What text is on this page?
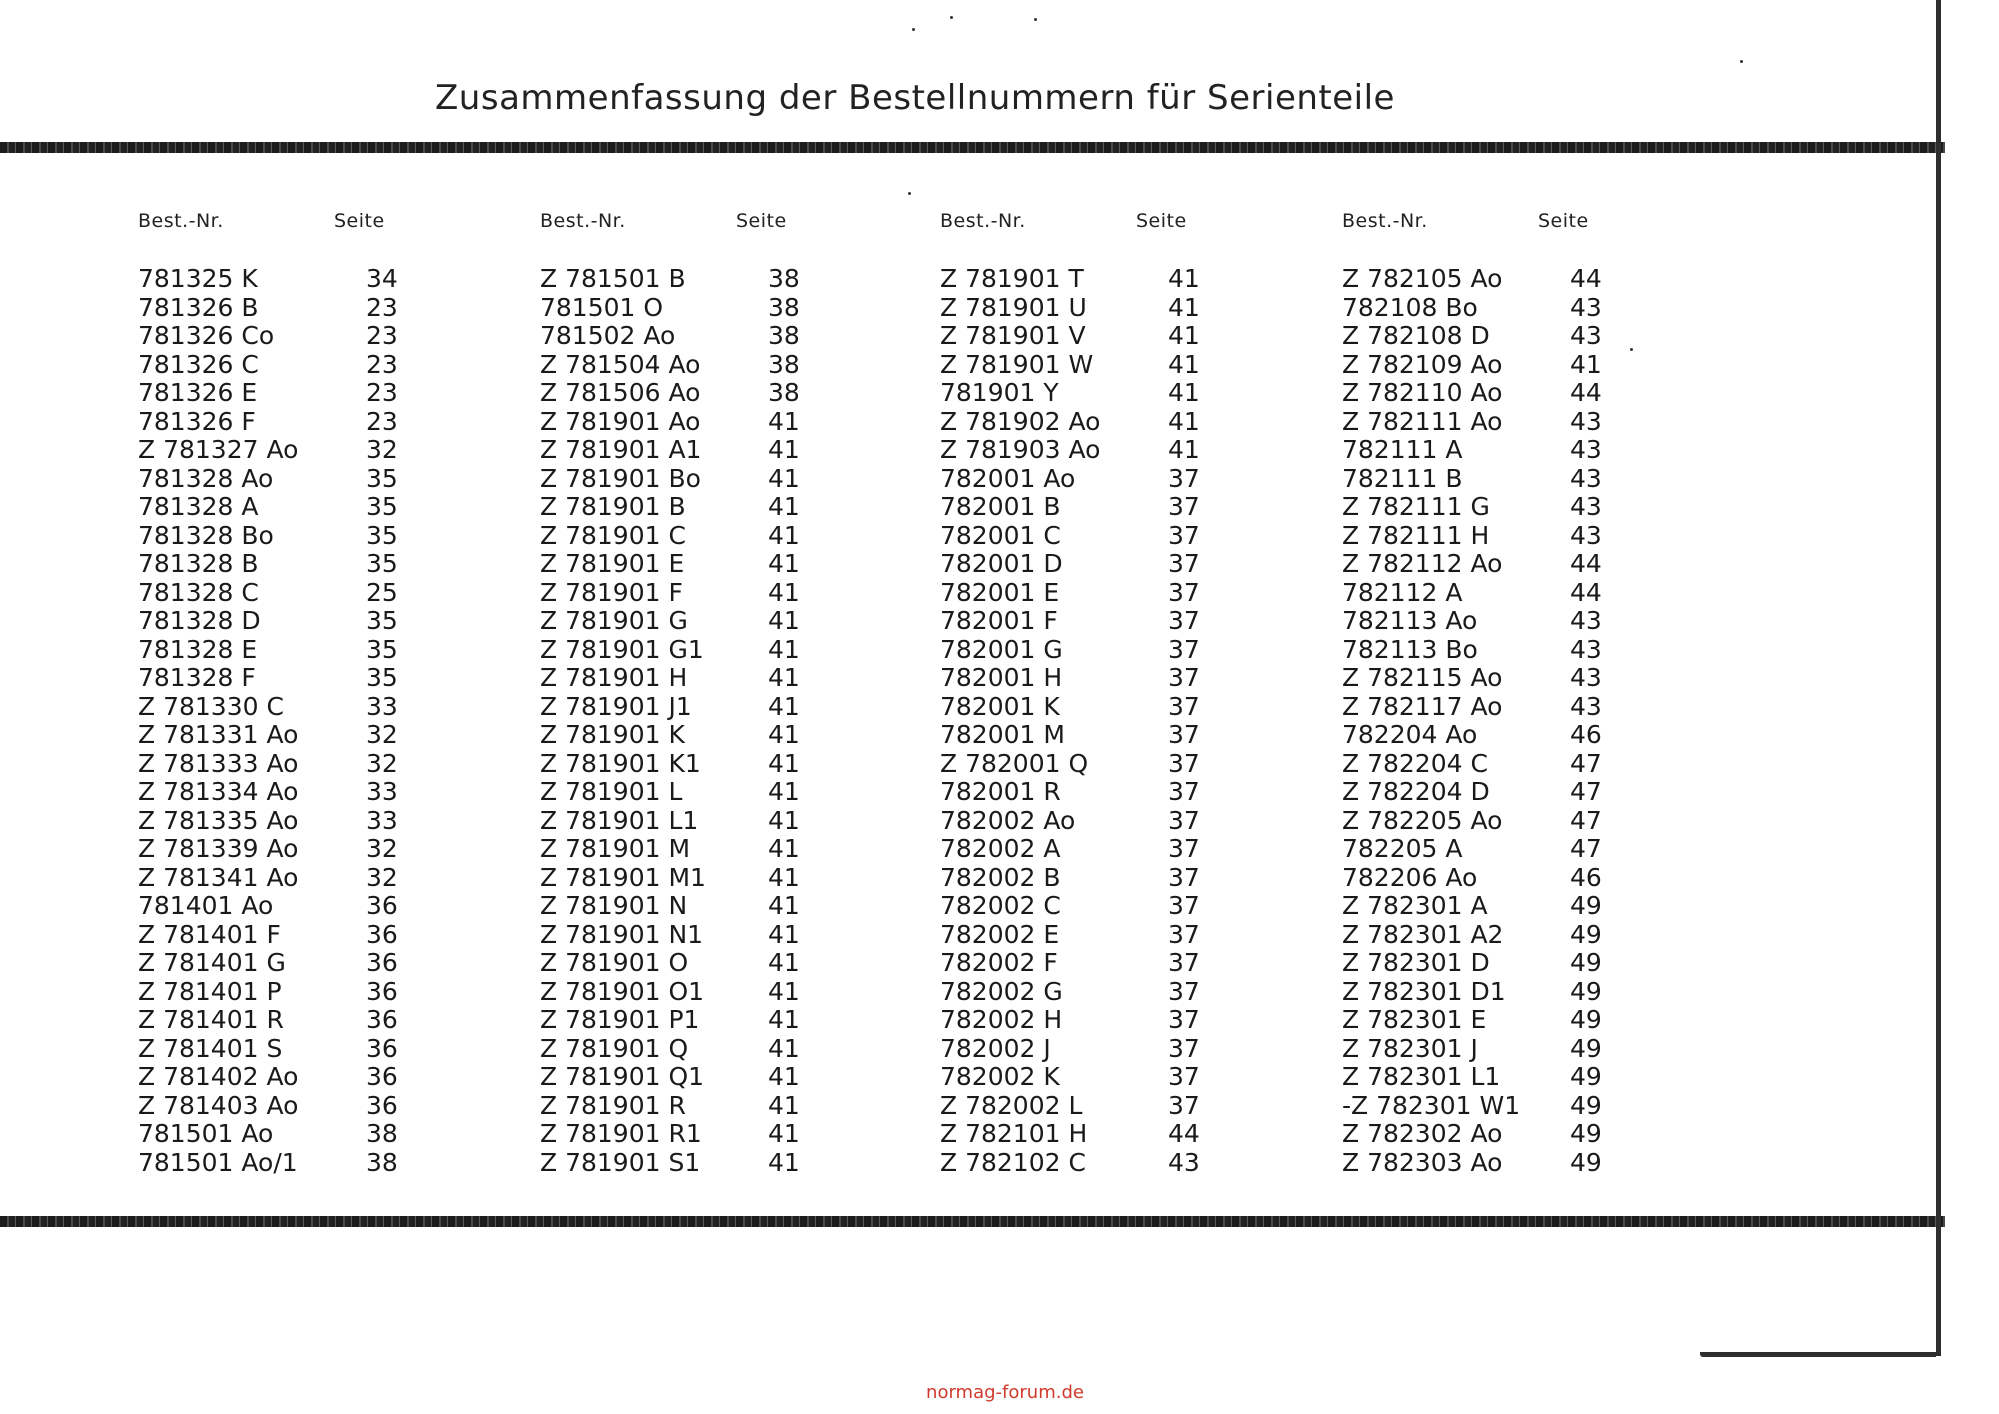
Zusammenfassung der Bestellnummern für Serienteile
Best.-Nr.	Seite
781325 K	34
781326 B	23
781326 Co	23
781326 C	23
781326 E	23
781326 F	23
Z 781327 Ao	32
781328 Ao	35
781328 A	35
781328 Bo	35
781328 B	35
781328 C	25
781328 D	35
781328 E	35
781328 F	35
Z 781330 C	33
Z 781331 Ao	32
Z 781333 Ao	32
Z 781334 Ao	33
Z 781335 Ao	33
Z 781339 Ao	32
Z 781341 Ao	32
781401 Ao	36
Z 781401 F	36
Z 781401 G	36
Z 781401 P	36
Z 781401 R	36
Z 781401 S	36
Z 781402 Ao	36
Z 781403 Ao	36
781501 Ao	38
781501 Ao/1	38
Best.-Nr.	Seite
Z 781501 B	38
781501 O	38
781502 Ao	38
Z 781504 Ao	38
Z 781506 Ao	38
Z 781901 Ao	41
Z 781901 A1	41
Z 781901 Bo	41
Z 781901 B	41
Z 781901 C	41
Z 781901 E	41
Z 781901 F	41
Z 781901 G	41
Z 781901 G1	41
Z 781901 H	41
Z 781901 J1	41
Z 781901 K	41
Z 781901 K1	41
Z 781901 L	41
Z 781901 L1	41
Z 781901 M	41
Z 781901 M1	41
Z 781901 N	41
Z 781901 N1	41
Z 781901 O	41
Z 781901 O1	41
Z 781901 P1	41
Z 781901 Q	41
Z 781901 Q1	41
Z 781901 R	41
Z 781901 R1	41
Z 781901 S1	41
Best.-Nr.	Seite
Z 781901 T	41
Z 781901 U	41
Z 781901 V	41
Z 781901 W	41
781901 Y	41
Z 781902 Ao	41
Z 781903 Ao	41
782001 Ao	37
782001 B	37
782001 C	37
782001 D	37
782001 E	37
782001 F	37
782001 G	37
782001 H	37
782001 K	37
782001 M	37
Z 782001 Q	37
782001 R	37
782002 Ao	37
782002 A	37
782002 B	37
782002 C	37
782002 E	37
782002 F	37
782002 G	37
782002 H	37
782002 J	37
782002 K	37
Z 782002 L	37
Z 782101 H	44
Z 782102 C	43
Best.-Nr.	Seite
Z 782105 Ao	44
782108 Bo	43
Z 782108 D	43
Z 782109 Ao	41
Z 782110 Ao	44
Z 782111 Ao	43
782111 A	43
782111 B	43
Z 782111 G	43
Z 782111 H	43
Z 782112 Ao	44
782112 A	44
782113 Ao	43
782113 Bo	43
Z 782115 Ao	43
Z 782117 Ao	43
782204 Ao	46
Z 782204 C	47
Z 782204 D	47
Z 782205 Ao	47
782205 A	47
782206 Ao	46
Z 782301 A	49
Z 782301 A2	49
Z 782301 D	49
Z 782301 D1	49
Z 782301 E	49
Z 782301 J	49
Z 782301 L1	49
-Z 782301 W1	49
Z 782302 Ao	49
Z 782303 Ao	49
normag-forum.de
